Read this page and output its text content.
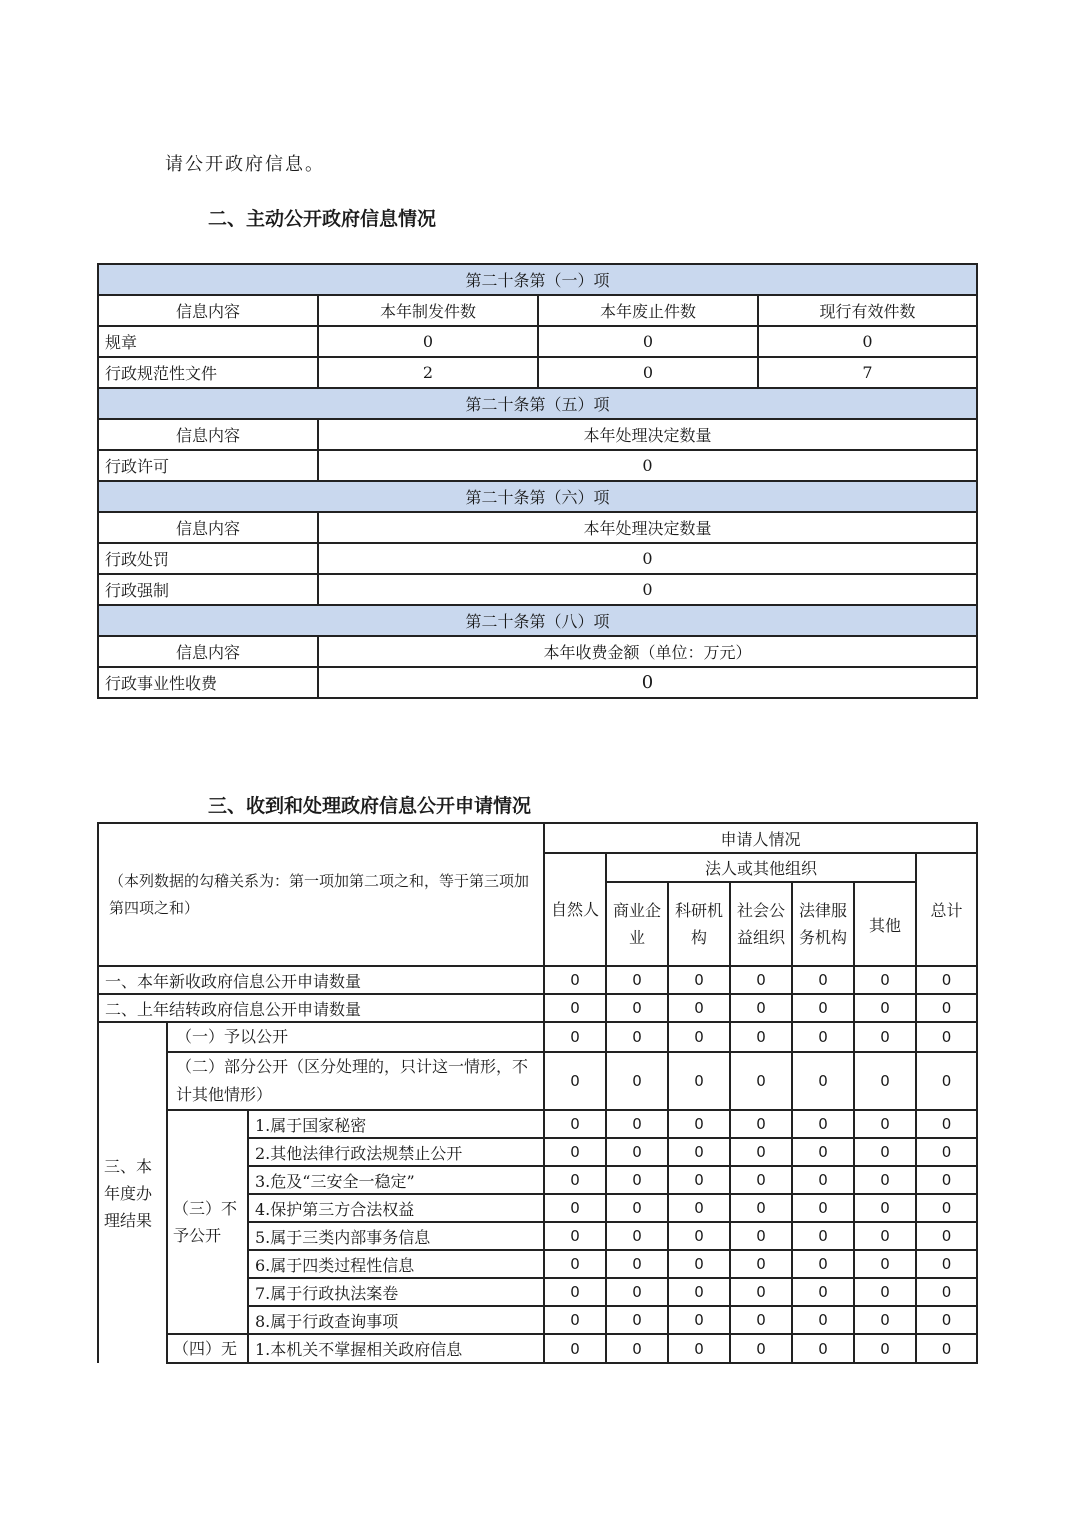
请公开政府信息。
二、主动公开政府信息情况
第二十条第（一）项			
信息内容	本年制发件数	本年废止件数	现行有效件数
规章	0	0	0
行政规范性文件	2	0	7
第二十条第（五）项			
信息内容	本年处理决定数量		
行政许可	0		
第二十条第（六）项			
信息内容	本年处理决定数量		
行政处罚	0		
行政强制	0		
第二十条第（八）项			
信息内容	本年收费金额（单位：万元）		
行政事业性收费	0		
三、收到和处理政府信息公开申请情况
（本列数据的勾稽关系为：第一项加第二项之和，等于第三项加第四项之和）			申请人情况						
			自然人	法人或其他组织					总计
				商业企业	科研机构	社会公益组织	法律服务机构	其他	
一、本年新收政府信息公开申请数量			0	0	0	0	0	0	0
二、上年结转政府信息公开申请数量			0	0	0	0	0	0	0
三、本年度办理结果	（一）予以公开		0	0	0	0	0	0	0
	（二）部分公开（区分处理的，只计这一情形，不计其他情形）		0	0	0	0	0	0	0
	（三）不予公开	1.属于国家秘密	0	0	0	0	0	0	0
		2.其他法律行政法规禁止公开	0	0	0	0	0	0	0
		3.危及“三安全一稳定”	0	0	0	0	0	0	0
		4.保护第三方合法权益	0	0	0	0	0	0	0
		5.属于三类内部事务信息	0	0	0	0	0	0	0
		6.属于四类过程性信息	0	0	0	0	0	0	0
		7.属于行政执法案卷	0	0	0	0	0	0	0
		8.属于行政查询事项	0	0	0	0	0	0	0
	（四）无	1.本机关不掌握相关政府信息	0	0	0	0	0	0	0
